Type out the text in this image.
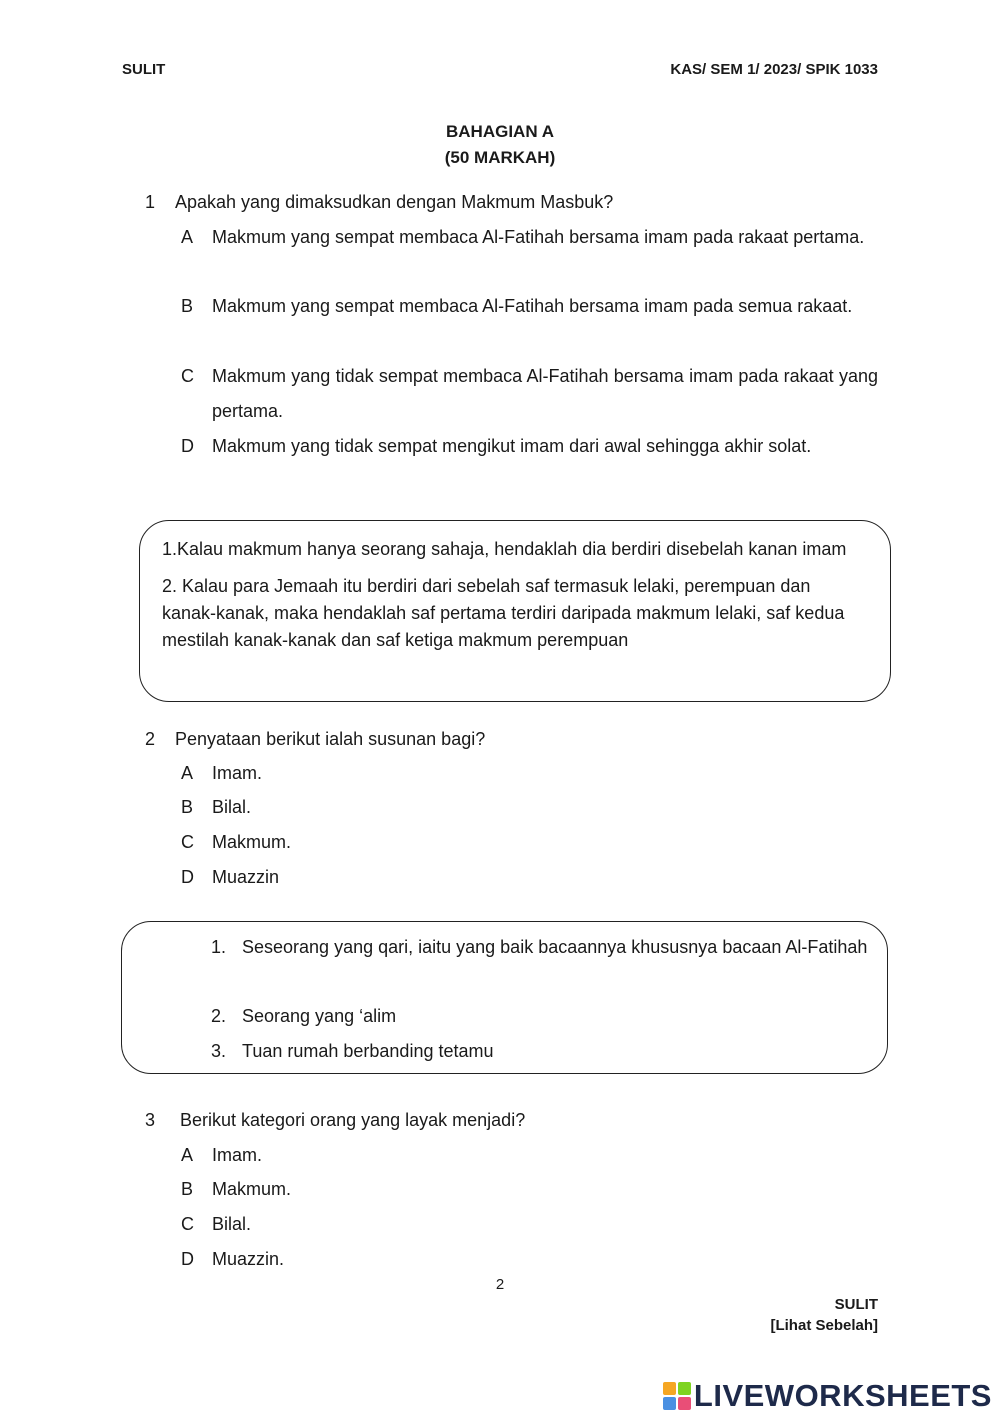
SULIT	KAS/ SEM 1/ 2023/ SPIK 1033
BAHAGIAN A
(50 MARKAH)
1 Apakah yang dimaksudkan dengan Makmum Masbuk?
A Makmum yang sempat membaca Al-Fatihah bersama imam pada rakaat pertama.
B Makmum yang sempat membaca Al-Fatihah bersama imam pada semua rakaat.
C Makmum yang tidak sempat membaca Al-Fatihah bersama imam pada rakaat yang pertama.
D Makmum yang tidak sempat mengikut imam dari awal sehingga akhir solat.

1.Kalau makmum hanya seorang sahaja, hendaklah dia berdiri disebelah kanan imam

2. Kalau para Jemaah itu berdiri dari sebelah saf termasuk lelaki, perempuan dan kanak-kanak, maka hendaklah saf pertama terdiri daripada makmum lelaki, saf kedua mestilah kanak-kanak dan saf ketiga makmum perempuan

2 Penyataan berikut ialah susunan bagi?
A Imam.
B Bilal.
C Makmum.
D Muazzin
1. Seseorang yang qari, iaitu yang baik bacaannya khususnya bacaan Al-Fatihah
2. Seorang yang ‘alim
3. Tuan rumah berbanding tetamu
3 Berikut kategori orang yang layak menjadi?
A Imam.
B Makmum.
C Bilal.
D Muazzin.
2
SULIT
[Lihat Sebelah]
LIVEWORKSHEETS
